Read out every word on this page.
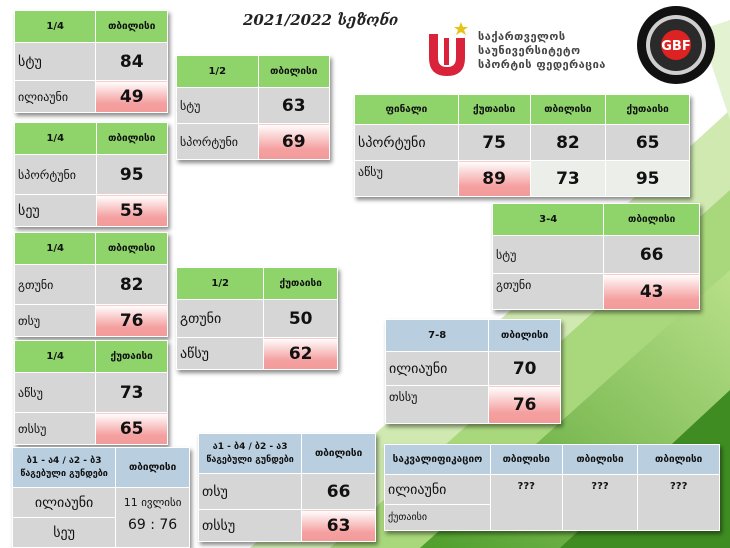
2021/2022 სეზონი
საქართველოს
საუნივერსიტეტო
სპორტის ფედერაცია
GBF
1/4	თბილისი
სტუ	84
ილიაუნი	49
1/4	თბილისი
სპორტუნი	95
სეუ	55
1/4	თბილისი
გთუნი	82
თსუ	76
1/4	ქუთაისი
აწსუ	73
თსსუ	65
1/2	თბილისი
სტუ	63
სპორტუნი	69
1/2	ქუთაისი
გთუნი	50
აწსუ	62
ფინალი	ქუთაისი	თბილისი	ქუთაისი
სპორტუნი	75	82	65
აწსუ	89	73	95
3-4	თბილისი
სტუ	66
გთუნი	43
7-8	თბილისი
ილიაუნი	70
თსსუ	76
ბ1 - ა4 / ა2 - ბ3
წაგებული გუნდები	თბილისი
ილიაუნი	11 ივლისი
69 : 76

სეუ	
ა1 - ბ4 / ბ2 - ა3
წაგებული გუნდები	თბილისი
თსუ	66
თსსუ	63
საკვალიფიკაციო	თბილისი	თბილისი	თბილისი
ილიაუნი	???	???	???
ქუთაისი			
